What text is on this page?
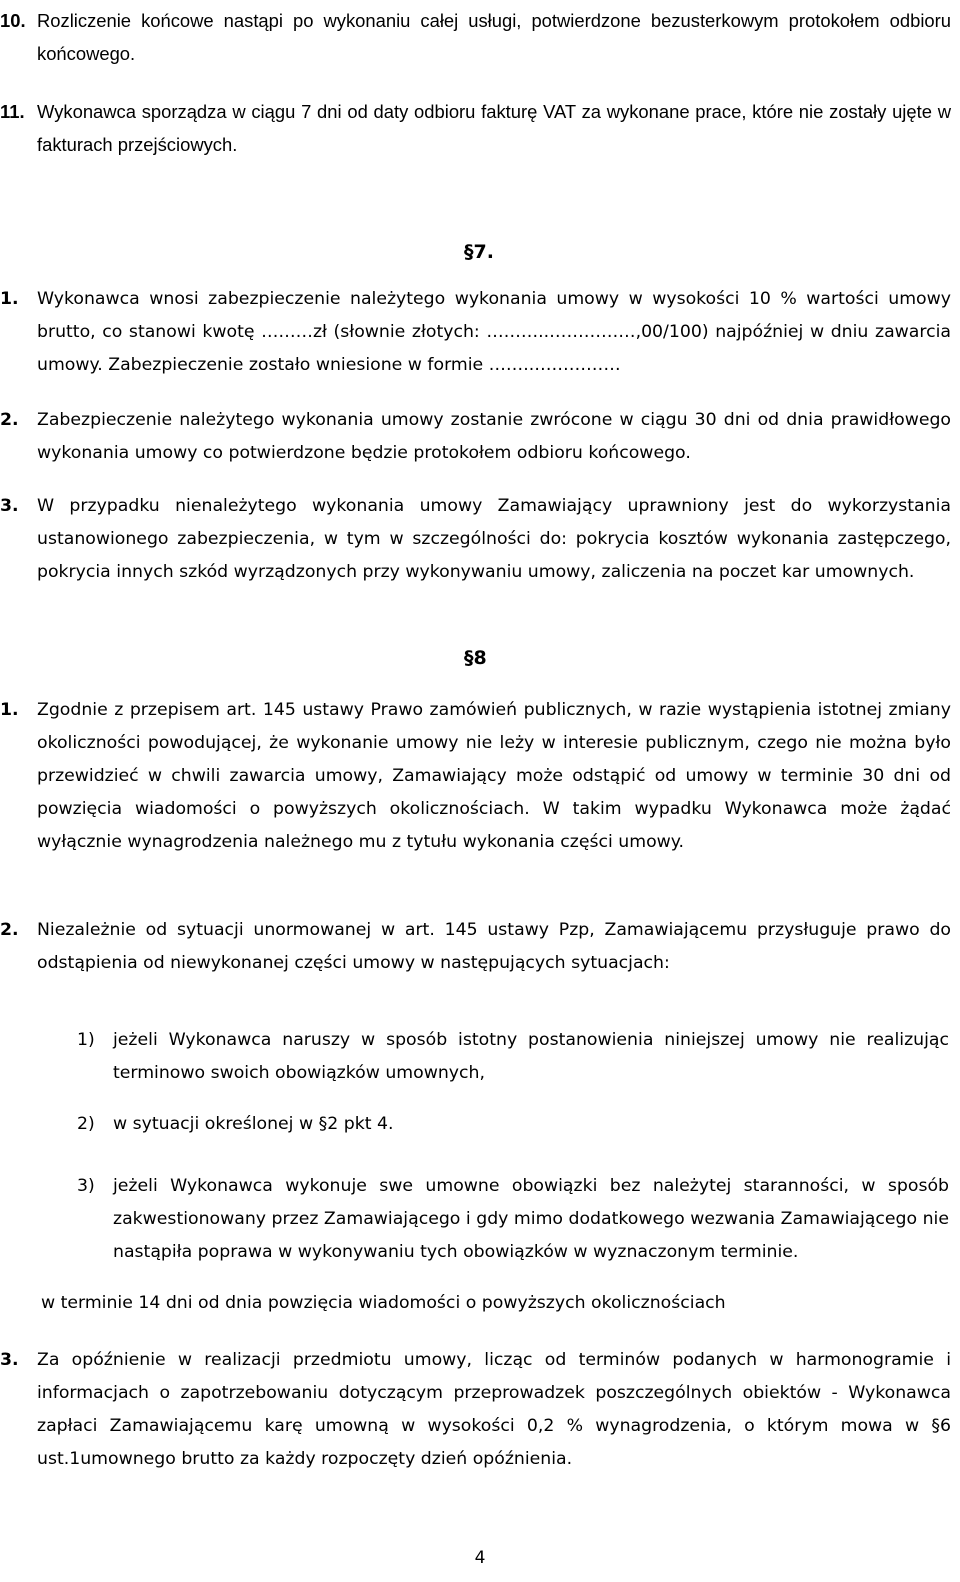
10. Rozliczenie końcowe nastąpi po wykonaniu całej usługi, potwierdzone bezusterkowym protokołem odbioru końcowego.
11. Wykonawca sporządza w ciągu 7 dni od daty odbioru fakturę VAT za wykonane prace, które nie zostały ujęte w fakturach przejściowych.
§7.
1.	Wykonawca wnosi zabezpieczenie należytego wykonania umowy w wysokości 10 % wartości umowy brutto, co stanowi kwotę ………zł (słownie złotych: ………..……………,00/100) najpóźniej w dniu zawarcia umowy. Zabezpieczenie zostało wniesione w formie ……..……………
2.	Zabezpieczenie należytego wykonania umowy zostanie zwrócone w ciągu 30 dni od dnia prawidłowego wykonania umowy co potwierdzone będzie protokołem odbioru końcowego.
3.	W przypadku nienależytego wykonania umowy Zamawiający uprawniony jest do wykorzystania ustanowionego zabezpieczenia, w tym w szczególności do: pokrycia kosztów wykonania zastępczego, pokrycia innych szkód wyrządzonych przy wykonywaniu umowy, zaliczenia na poczet kar umownych.
§8
1.	Zgodnie z przepisem art. 145 ustawy Prawo zamówień publicznych, w razie wystąpienia istotnej zmiany okoliczności powodującej, że wykonanie umowy nie leży w interesie publicznym, czego nie można było przewidzieć w chwili zawarcia umowy, Zamawiający może odstąpić od umowy w terminie 30 dni od powzięcia wiadomości o powyższych okolicznościach. W takim wypadku Wykonawca może żądać wyłącznie wynagrodzenia należnego mu z tytułu wykonania części umowy.
2.	Niezależnie od sytuacji unormowanej w art. 145 ustawy Pzp, Zamawiającemu przysługuje prawo do odstąpienia od niewykonanej części umowy w następujących sytuacjach:
1)	jeżeli Wykonawca naruszy w sposób istotny postanowienia niniejszej umowy nie realizując terminowo swoich obowiązków umownych,
2)	w sytuacji określonej w §2 pkt 4.
3)	jeżeli Wykonawca wykonuje swe umowne obowiązki bez należytej staranności, w sposób zakwestionowany przez Zamawiającego i gdy mimo dodatkowego wezwania Zamawiającego nie nastąpiła poprawa w wykonywaniu tych obowiązków w wyznaczonym terminie.
w terminie 14 dni od dnia powzięcia wiadomości o powyższych okolicznościach
3.	Za opóźnienie w realizacji przedmiotu umowy, licząc od terminów podanych w harmonogramie i informacjach o zapotrzebowaniu dotyczącym przeprowadzek poszczególnych obiektów - Wykonawca zapłaci Zamawiającemu karę umowną w wysokości 0,2 % wynagrodzenia, o którym mowa w §6 ust.1umownego brutto za każdy rozpoczęty dzień opóźnienia.
4
